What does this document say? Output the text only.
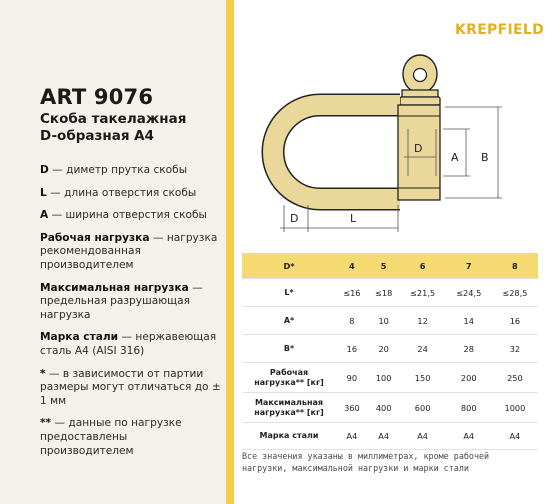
ART 9076
Скоба такелажная
D-образная A4
D — диметр прутка скобы
L — длина отверстия скобы
A — ширина отверстия скобы
Рабочая нагрузка — нагрузка рекомендованная производителем
Максимальная нагрузка — предельная разрушающая нагрузка
Марка стали — нержавеющая сталь А4 (AISI 316)
* — в зависимости от партии размеры могут отличаться до ± 1 мм
** — данные по нагрузке предоставлены производителем
KREPFIELD
D
A B
D	L
D*	4	5	6	7	8
L*	≤16	≤18	≤21,5	≤24,5	≤28,5
A*	8	10	12	14	16
B*	16	20	24	28	32

Рабочая
нагрузка** [кг]	90	100	150	200	250

Максимальная
нагрузка** [кг]	360	400	600	800	1000
Марка стали	A4	A4	A4	A4	A4
Все значения указаны в миллиметрах, кроме рабочей
нагрузки, максимальной нагрузки и марки стали
